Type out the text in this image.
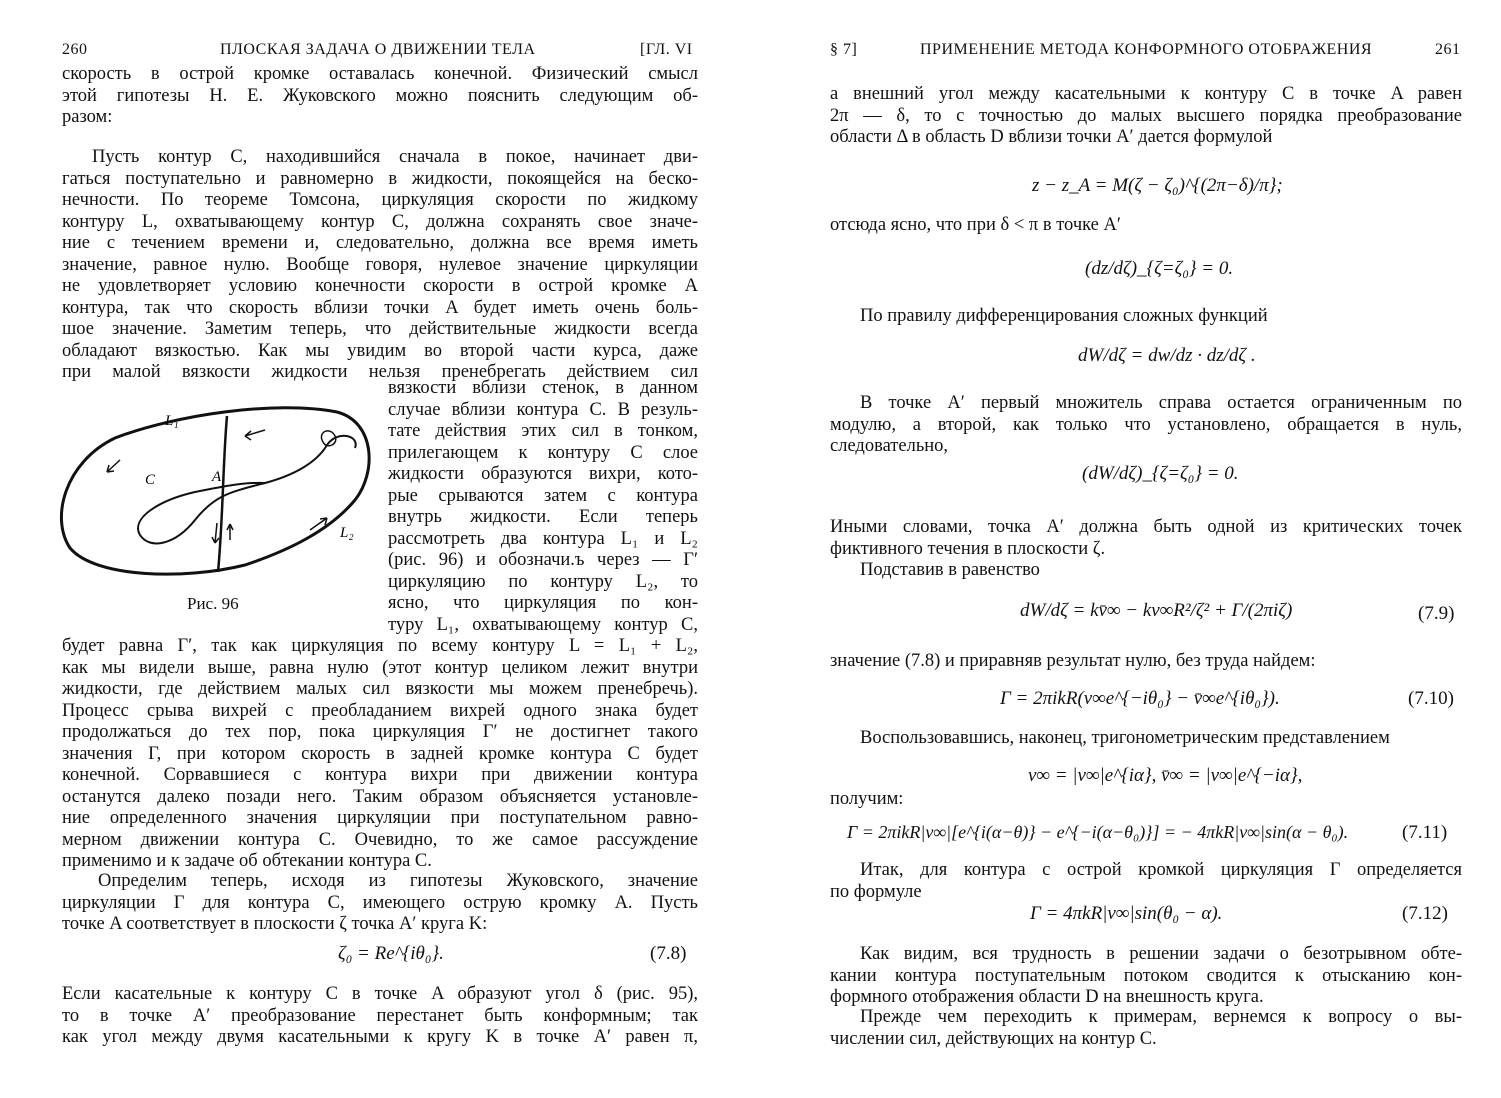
260	ПЛОСКАЯ ЗАДАЧА О ДВИЖЕНИИ ТЕЛА	[ГЛ. VI
скорость в острой кромке оставалась конечной. Физический смысл
этой гипотезы Н. Е. Жуковского можно пояснить следующим об-
разом:
Пусть контур C, находившийся сначала в покое, начинает дви-
гаться поступательно и равномерно в жидкости, покоящейся на беско-
нечности. По теореме Томсона, циркуляция скорости по жидкому
контуру L, охватывающему контур C, должна сохранять свое значе-
ние с течением времени и, следовательно, должна все время иметь
значение, равное нулю. Вообще говоря, нулевое значение циркуляции
не удовлетворяет условию конечности скорости в острой кромке A
контура, так что скорость вблизи точки A будет иметь очень боль-
шое значение. Заметим теперь, что действительные жидкости всегда
обладают вязкостью. Как мы увидим во второй части курса, даже
при малой вязкости жидкости нельзя пренебрегать действием сил
вязкости вблизи стенок, в данном
случае вблизи контура C. В резуль-
тате действия этих сил в тонком,
прилегающем к контуру C слое
жидкости образуются вихри, кото-
рые срываются затем с контура
внутрь жидкости. Если теперь
рассмотреть два контура L₁ и L₂
(рис. 96) и обозначи.ъ через — Γ′
циркуляцию по контуру L₂, то
ясно, что циркуляция по кон-
туру L₁, охватывающему контур C,
L₁
L₂
C	A
Рис. 96
будет равна Γ′, так как циркуляция по всему контуру L = L₁ + L₂,
как мы видели выше, равна нулю (этот контур целиком лежит внутри
жидкости, где действием малых сил вязкости мы можем пренебречь).
Процесс срыва вихрей с преобладанием вихрей одного знака будет
продолжаться до тех пор, пока циркуляция Γ′ не достигнет такого
значения Γ, при котором скорость в задней кромке контура C будет
конечной. Сорвавшиеся с контура вихри при движении контура
останутся далеко позади него. Таким образом объясняется установле-
ние определенного значения циркуляции при поступательном равно-
мерном движении контура C. Очевидно, то же самое рассуждение
применимо и к задаче об обтекании контура C.
Определим теперь, исходя из гипотезы Жуковского, значение
циркуляции Γ для контура C, имеющего острую кромку A. Пусть
точке A соответствует в плоскости ζ точка A′ круга K:
ζ₀ = Re^{iθ₀}.	(7.8)
Если касательные к контуру C в точке A образуют угол δ (рис. 95),
то в точке A′ преобразование перестанет быть конформным; так
как угол между двумя касательными к кругу K в точке A′ равен π,
§ 7]	ПРИМЕНЕНИЕ МЕТОДА КОНФОРМНОГО ОТОБРАЖЕНИЯ	261
а внешний угол между касательными к контуру C в точке A равен
2π — δ, то с точностью до малых высшего порядка преобразование
области Δ в область D вблизи точки A′ дается формулой
z − z_A = M(ζ − ζ₀)^{(2π−δ)/π};
отсюда ясно, что при δ < π в точке A′
(dz/dζ)_{ζ=ζ₀} = 0.
По правилу дифференцирования сложных функций
dW/dζ = dw/dz · dz/dζ .
В точке A′ первый множитель справа остается ограниченным по
модулю, а второй, как только что установлено, обращается в нуль,
следовательно,
(dW/dζ)_{ζ=ζ₀} = 0.
Иными словами, точка A′ должна быть одной из критических точек
фиктивного течения в плоскости ζ.
Подставив в равенство
dW/dζ = kv̄∞ − kv∞R²/ζ² + Γ/(2πiζ)	(7.9)
значение (7.8) и приравняв результат нулю, без труда найдем:
Γ = 2πikR(v∞e^{−iθ₀} − v̄∞e^{iθ₀}).	(7.10)
Воспользовавшись, наконец, тригонометрическим представлением
v∞ = |v∞|e^{iα}, v̄∞ = |v∞|e^{−iα},
получим:
Γ = 2πikR|v∞|[e^{i(α−θ)} − e^{−i(α−θ₀)}] = − 4πkR|v∞|sin(α − θ₀).	(7.11)
Итак, для контура с острой кромкой циркуляция Γ определяется
по формуле
Γ = 4πkR|v∞|sin(θ₀ − α).	(7.12)
Как видим, вся трудность в решении задачи о безотрывном обте-
кании контура поступательным потоком сводится к отысканию кон-
формного отображения области D на внешность круга.
Прежде чем переходить к примерам, вернемся к вопросу о вы-
числении сил, действующих на контур C.
